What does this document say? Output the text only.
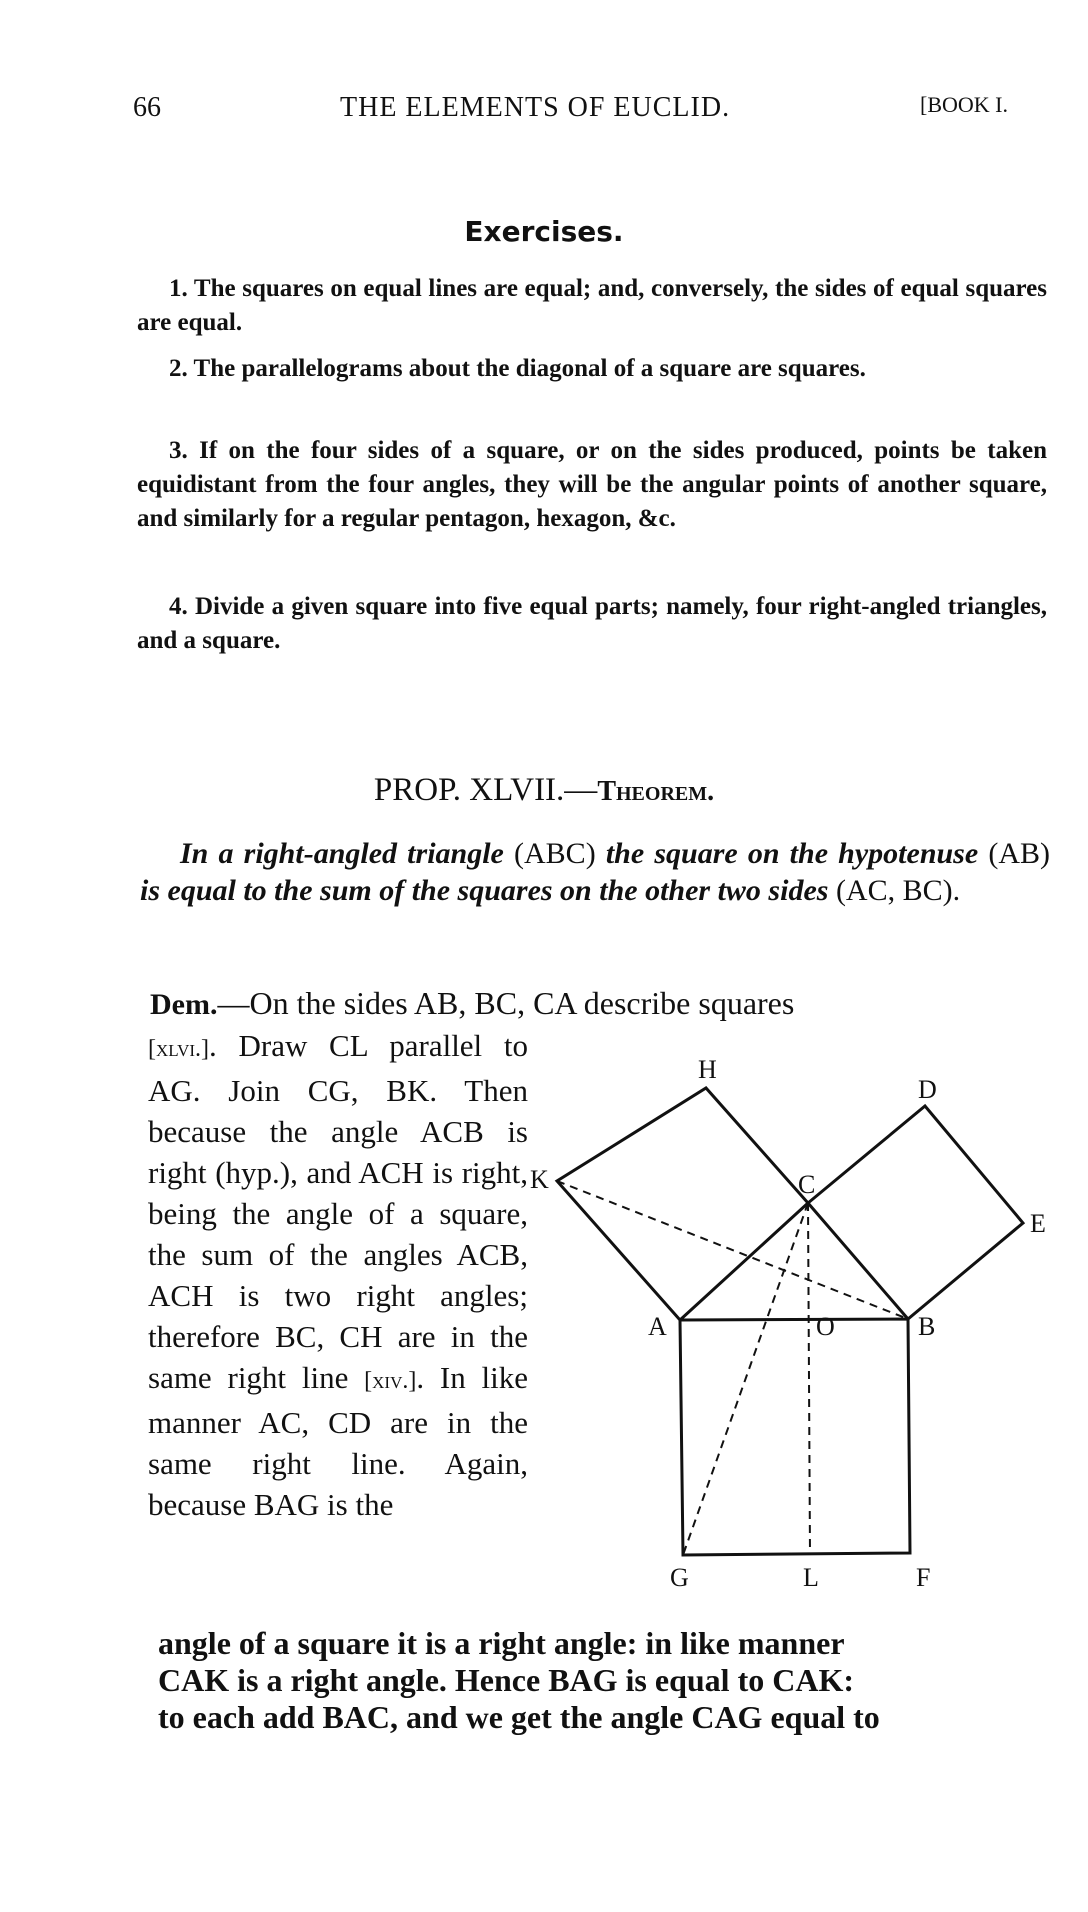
66	THE ELEMENTS OF EUCLID.	[BOOK I.
Exercises.
1. The squares on equal lines are equal; and, conversely, the sides of equal squares are equal.
2. The parallelograms about the diagonal of a square are squares.
3. If on the four sides of a square, or on the sides produced, points be taken equidistant from the four angles, they will be the angular points of another square, and similarly for a regular pentagon, hexagon, &c.
4. Divide a given square into five equal parts; namely, four right-angled triangles, and a square.
PROP. XLVII.—Theorem.
In a right-angled triangle (ABC) the square on the hypotenuse (AB) is equal to the sum of the squares on the other two sides (AC, BC).
Dem.—On the sides AB, BC, CA describe squares
[xlvi.]. Draw CL parallel to AG. Join CG, BK. Then because the angle ACB is right (hyp.), and ACH is right, being the angle of a square, the sum of the angles ACB, ACH is two right angles; therefore BC, CH are in the same right line [xiv.]. In like manner AC, CD are in the same right line. Again, because BAG is the
angle of a square it is a right angle: in like manner
CAK is a right angle. Hence BAG is equal to CAK:
to each add BAC, and we get the angle CAG equal to
H
D
K	C
E
A	O	B
G	L	F
